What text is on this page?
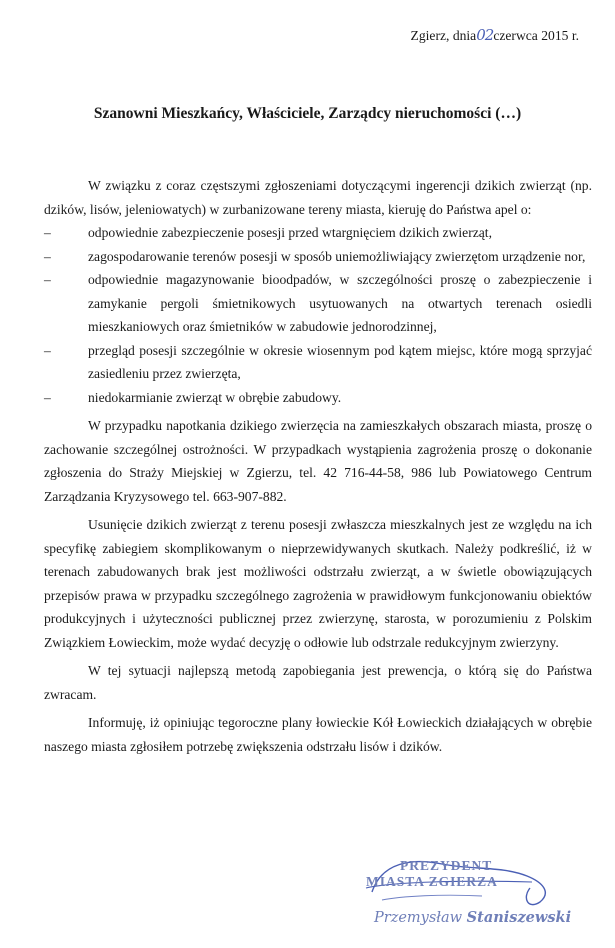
Zgierz, dnia02czerwca 2015 r.
Szanowni Mieszkańcy, Właściciele, Zarządcy nieruchomości (…)

W związku z coraz częstszymi zgłoszeniami dotyczącymi ingerencji dzikich zwierząt (np. dzików, lisów, jeleniowatych) w zurbanizowane tereny miasta, kieruję do Państwa apel o:

–	odpowiednie zabezpieczenie posesji przed wtargnięciem dzikich zwierząt,
–	zagospodarowanie terenów posesji w sposób uniemożliwiający zwierzętom urządzenie nor,
–	odpowiednie magazynowanie bioodpadów, w szczególności proszę o zabezpieczenie i zamykanie pergoli śmietnikowych usytuowanych na otwartych terenach osiedli mieszkaniowych oraz śmietników w zabudowie jednorodzinnej,
–	przegląd posesji szczególnie w okresie wiosennym pod kątem miejsc, które mogą sprzyjać zasiedleniu przez zwierzęta,
–	niedokarmianie zwierząt w obrębie zabudowy.

W przypadku napotkania dzikiego zwierzęcia na zamieszkałych obszarach miasta, proszę o zachowanie szczególnej ostrożności. W przypadkach wystąpienia zagrożenia proszę o dokonanie zgłoszenia do Straży Miejskiej w Zgierzu, tel. 42 716-44-58, 986 lub Powiatowego Centrum Zarządzania Kryzysowego tel. 663-907-882.

Usunięcie dzikich zwierząt z terenu posesji zwłaszcza mieszkalnych jest ze względu na ich specyfikę zabiegiem skomplikowanym o nieprzewidywanych skutkach. Należy podkreślić, iż w terenach zabudowanych brak jest możliwości odstrzału zwierząt, a w świetle obowiązujących przepisów prawa w przypadku szczególnego zagrożenia w prawidłowym funkcjonowaniu obiektów produkcyjnych i użyteczności publicznej przez zwierzynę, starosta, w porozumieniu z Polskim Związkiem Łowieckim, może wydać decyzję o odłowie lub odstrzale redukcyjnym zwierzyny.

W tej sytuacji najlepszą metodą zapobiegania jest prewencja, o którą się do Państwa zwracam.

Informuję, iż opiniując tegoroczne plany łowieckie Kół Łowieckich działających w obrębie naszego miasta zgłosiłem potrzebę zwiększenia odstrzału lisów i dzików.

PREZYDENT
MIASTA ZGIERZA
Przemysław Staniszewski
